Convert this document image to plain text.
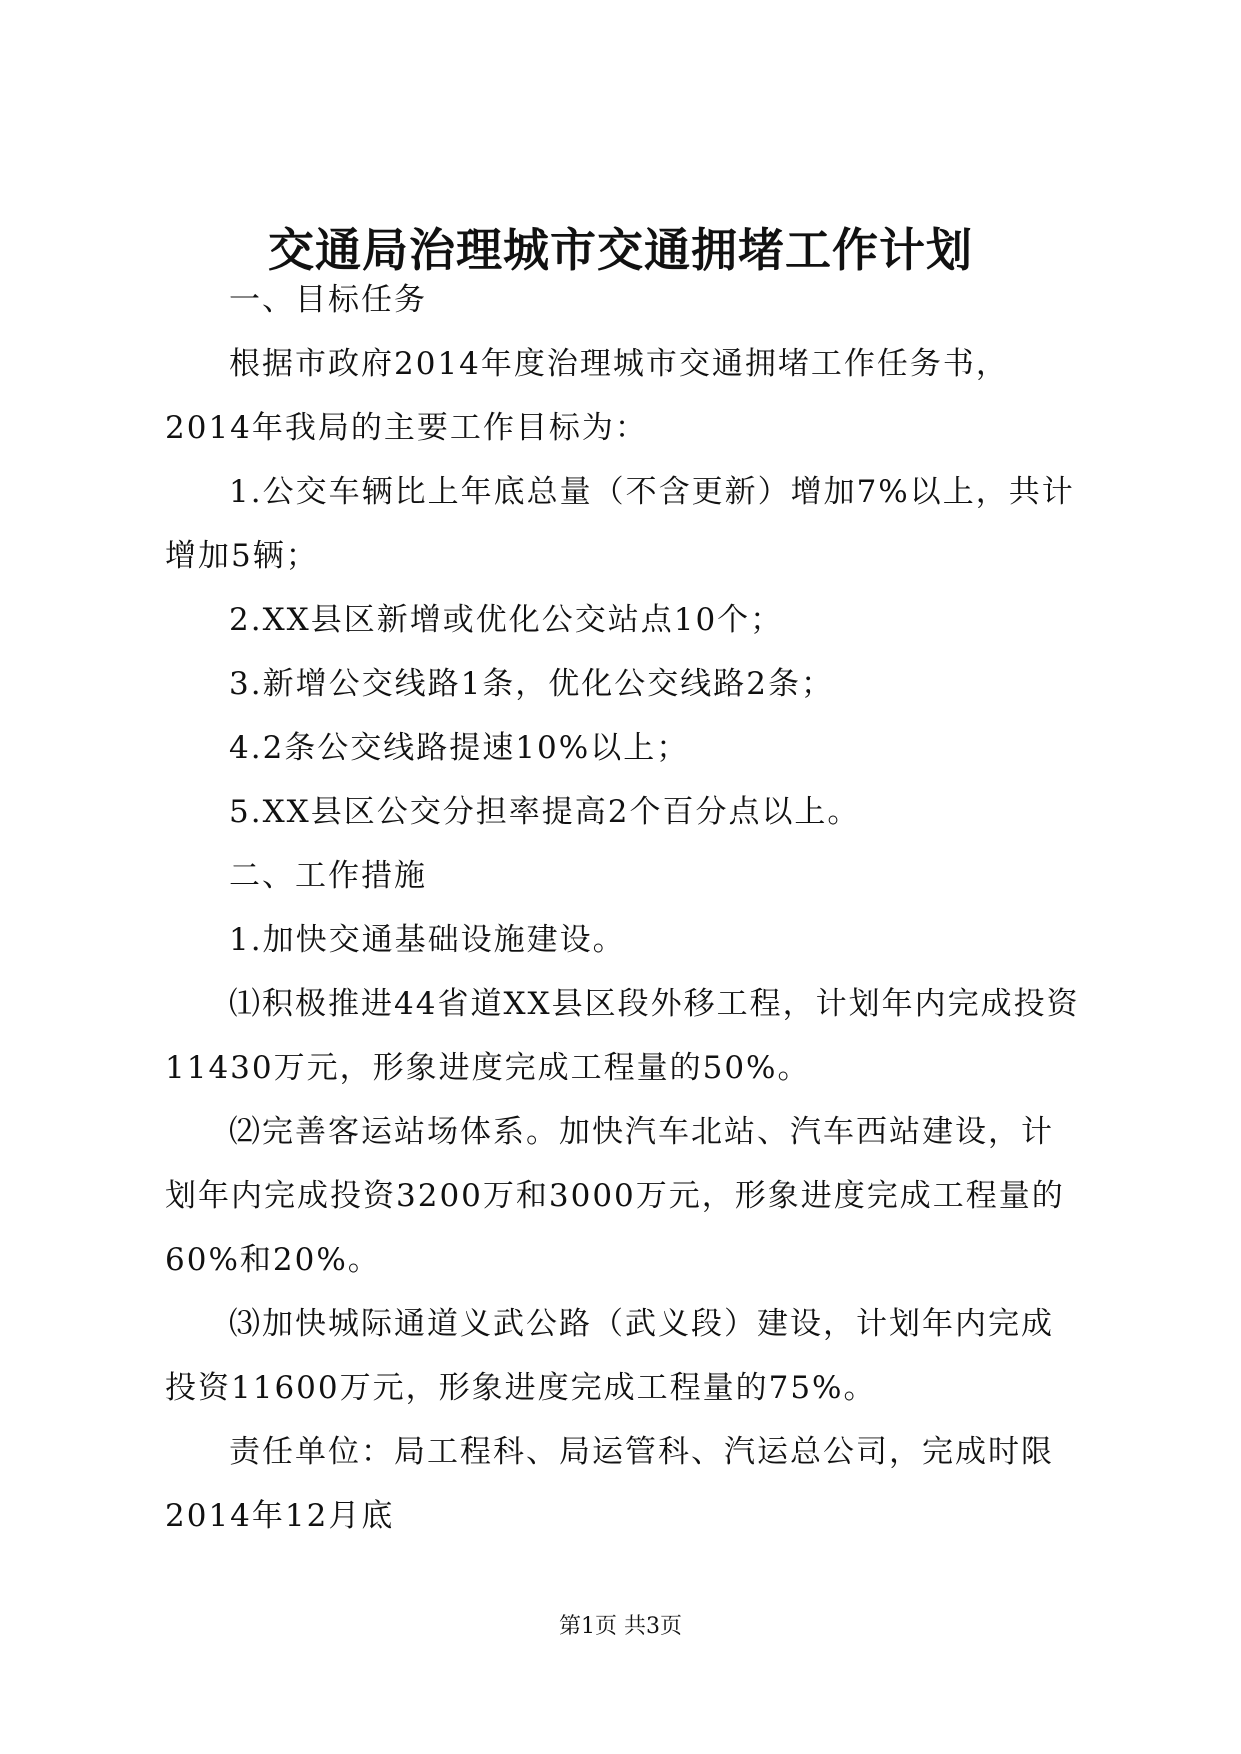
交通局治理城市交通拥堵工作计划

一、目标任务

根据市政府2014年度治理城市交通拥堵工作任务书，2014年我局的主要工作目标为：

1.公交车辆比上年底总量（不含更新）增加7%以上，共计增加5辆；

2.XX县区新增或优化公交站点10个；

3.新增公交线路1条，优化公交线路2条；

4.2条公交线路提速10%以上；

5.XX县区公交分担率提高2个百分点以上。

二、工作措施

1.加快交通基础设施建设。

⑴积极推进44省道XX县区段外移工程，计划年内完成投资11430万元，形象进度完成工程量的50%。

⑵完善客运站场体系。加快汽车北站、汽车西站建设，计划年内完成投资3200万和3000万元，形象进度完成工程量的60%和20%。

⑶加快城际通道义武公路（武义段）建设，计划年内完成投资11600万元，形象进度完成工程量的75%。

责任单位：局工程科、局运管科、汽运总公司，完成时限2014年12月底

第1页 共3页
